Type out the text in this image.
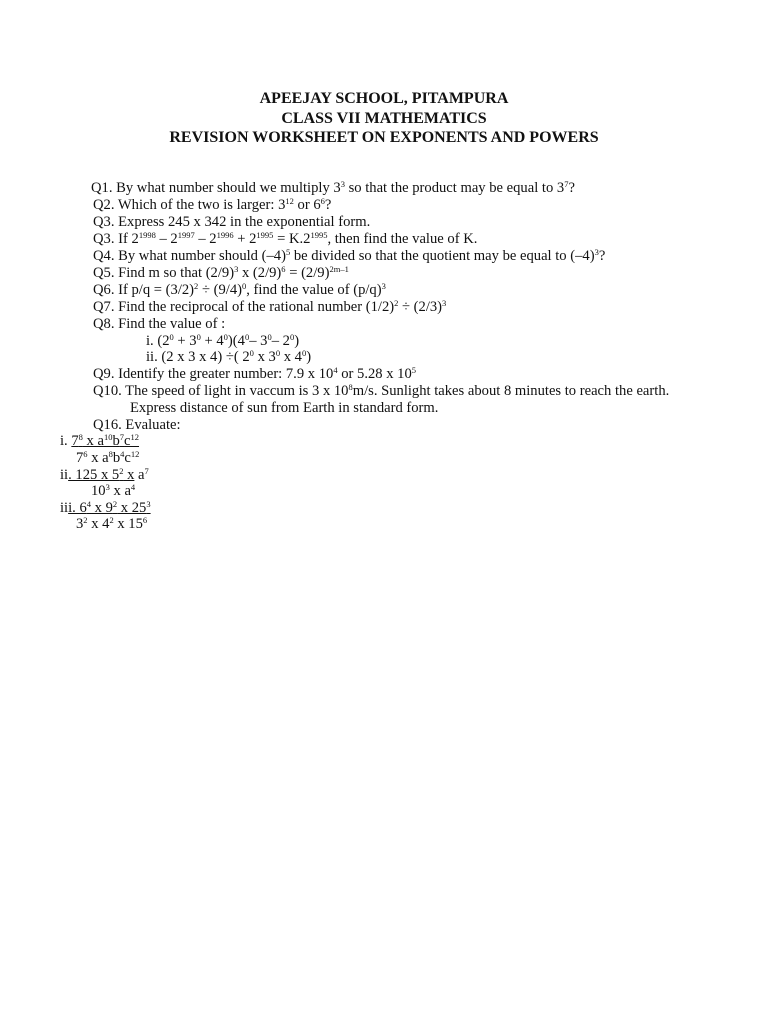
APEEJAY SCHOOL, PITAMPURA
CLASS VII MATHEMATICS
REVISION WORKSHEET ON EXPONENTS AND POWERS
Q1. By what number should we multiply $3^3$ so that the product may be equal to $3^7$?
Q2. Which of the two is larger: $3^{12}$ or $6^6$?
Q3. Express 245 x 342 in the exponential form.
Q3. If $2^{1998} - 2^{1997} - 2^{1996} + 2^{1995} = K.2^{1995}$, then find the value of K.
Q4. By what number should $(-4)^5$ be divided so that the quotient may be equal to $(-4)^3$?
Q5. Find m so that $(2/9)^3$ x $(2/9)^6 = (2/9)^{2m-1}$
Q6. If $p/q = (3/2)^2 \div (9/4)^0$, find the value of $(p/q)^3$
Q7. Find the reciprocal of the rational number $(1/2)^2 \div (2/3)^3$
Q8. Find the value of :
i. $(2^0 + 3^0 + 4^0)(4^0-$ $3^0-$ $2^0$)
ii. (2 x 3 x 4) ÷( $2^0$ x $3^0$ x $4^0$)
Q9. Identify the greater number: 7.9 x $10^4$ or 5.28 x $10^5$
Q10. The speed of light in vaccum is 3 x $10^8m/s$. Sunlight takes about 8 minutes to reach the earth.
Express distance of sun from Earth in standard form.
Q16. Evaluate:
i. $7^8$ x $a^{10}b^7c^{12}$
$7^6$ x $a^8b^4c^{12}$
ii. 125 x $5^2$ x $a^7$
$10^3$ x $a^4$
iii. $6^4$ x $9^2$ x $25^3$
$3^2$ x $4^2$ x $15^6$
